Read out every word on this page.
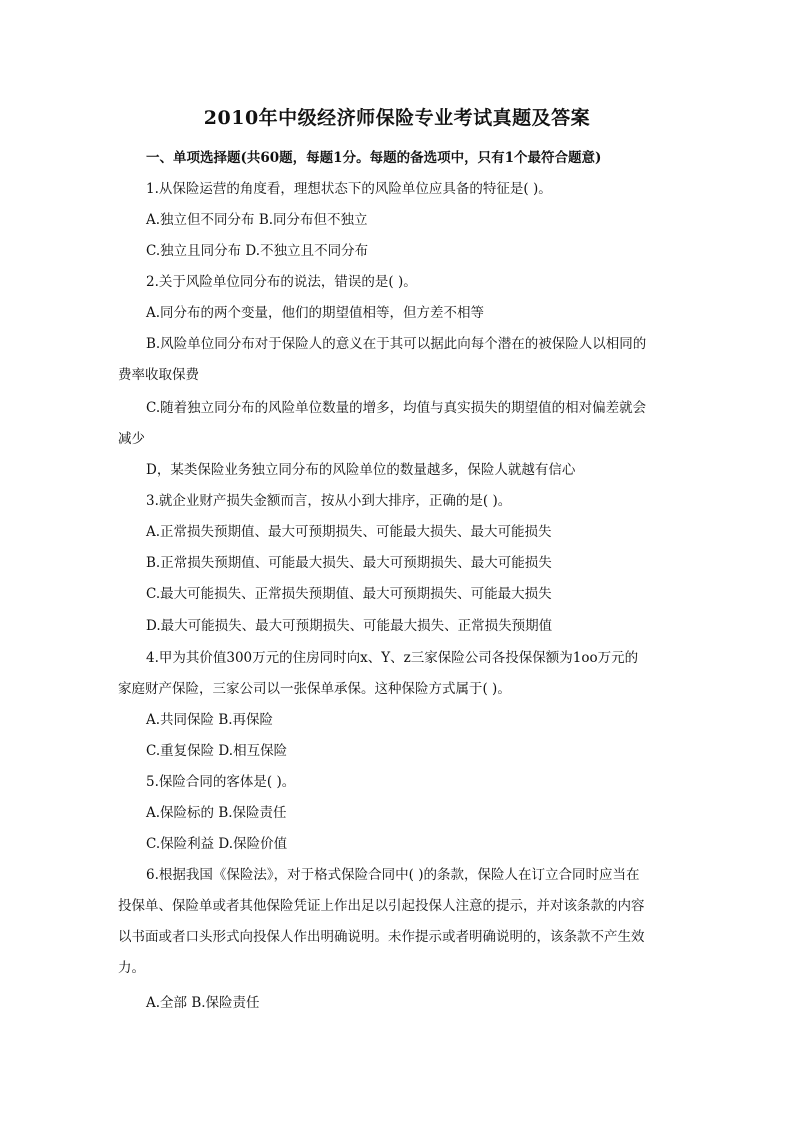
2010年中级经济师保险专业考试真题及答案
一、单项选择题(共60题，每题1分。每题的备选项中，只有1个最符合题意)
1.从保险运营的角度看，理想状态下的风险单位应具备的特征是( )。
A.独立但不同分布 B.同分布但不独立
C.独立且同分布 D.不独立且不同分布
2.关于风险单位同分布的说法，错误的是( )。
A.同分布的两个变量，他们的期望值相等，但方差不相等
B.风险单位同分布对于保险人的意义在于其可以据此向每个潜在的被保险人以相同的
费率收取保费
C.随着独立同分布的风险单位数量的增多，均值与真实损失的期望值的相对偏差就会
减少
D，某类保险业务独立同分布的风险单位的数量越多，保险人就越有信心
3.就企业财产损失金额而言，按从小到大排序，正确的是( )。
A.正常损失预期值、最大可预期损失、可能最大损失、最大可能损失
B.正常损失预期值、可能最大损失、最大可预期损失、最大可能损失
C.最大可能损失、正常损失预期值、最大可预期损失、可能最大损失
D.最大可能损失、最大可预期损失、可能最大损失、正常损失预期值
4.甲为其价值300万元的住房同时向x、Y、z三家保险公司各投保保额为1oo万元的
家庭财产保险，三家公司以一张保单承保。这种保险方式属于( )。
A.共同保险 B.再保险
C.重复保险 D.相互保险
5.保险合同的客体是( )。
A.保险标的 B.保险责任
C.保险利益 D.保险价值
6.根据我国《保险法》，对于格式保险合同中( )的条款，保险人在订立合同时应当在
投保单、保险单或者其他保险凭证上作出足以引起投保人注意的提示，并对该条款的内容
以书面或者口头形式向投保人作出明确说明。未作提示或者明确说明的，该条款不产生效
力。
A.全部 B.保险责任
